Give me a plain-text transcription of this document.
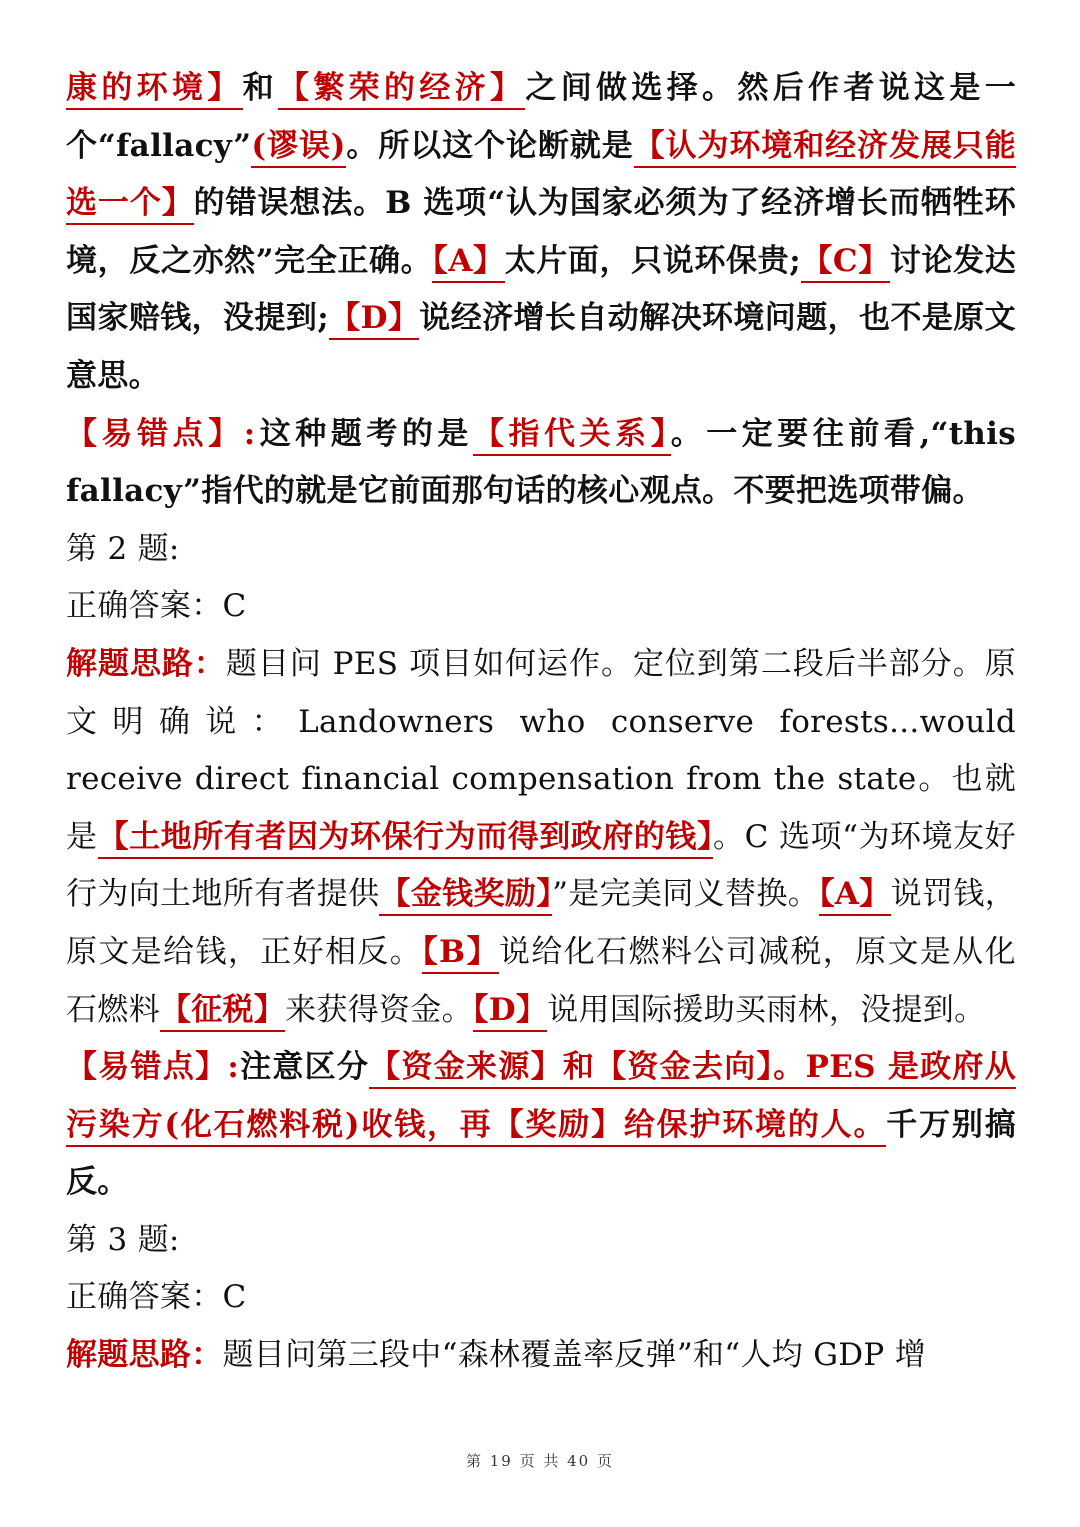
康的环境】和【繁荣的经济】之间做选择。然后作者说这是一个“fallacy”(谬误)。所以这个论断就是【认为环境和经济发展只能选一个】的错误想法。B 选项“认为国家必须为了经济增长而牺牲环境，反之亦然”完全正确。【A】太片面，只说环保贵;【C】讨论发达国家赔钱，没提到;【D】说经济增长自动解决环境问题，也不是原文意思。

【易错点】:这种题考的是【指代关系】。一定要往前看,“this fallacy”指代的就是它前面那句话的核心观点。不要把选项带偏。

第 2 题:

正确答案：C

解题思路：题目问 PES 项目如何运作。定位到第二段后半部分。原文明确说：Landowners who conserve forests...would receive direct financial compensation from the state。也就是【土地所有者因为环保行为而得到政府的钱】。C 选项“为环境友好行为向土地所有者提供【金钱奖励】”是完美同义替换。【A】说罚钱，原文是给钱，正好相反。【B】说给化石燃料公司减税，原文是从化石燃料【征税】来获得资金。【D】说用国际援助买雨林，没提到。

【易错点】:注意区分【资金来源】和【资金去向】。PES 是政府从污染方(化石燃料税)收钱，再【奖励】给保护环境的人。千万别搞反。

第 3 题:

正确答案：C

解题思路：题目问第三段中“森林覆盖率反弹”和“人均 GDP 增

第 19 页 共 40 页
